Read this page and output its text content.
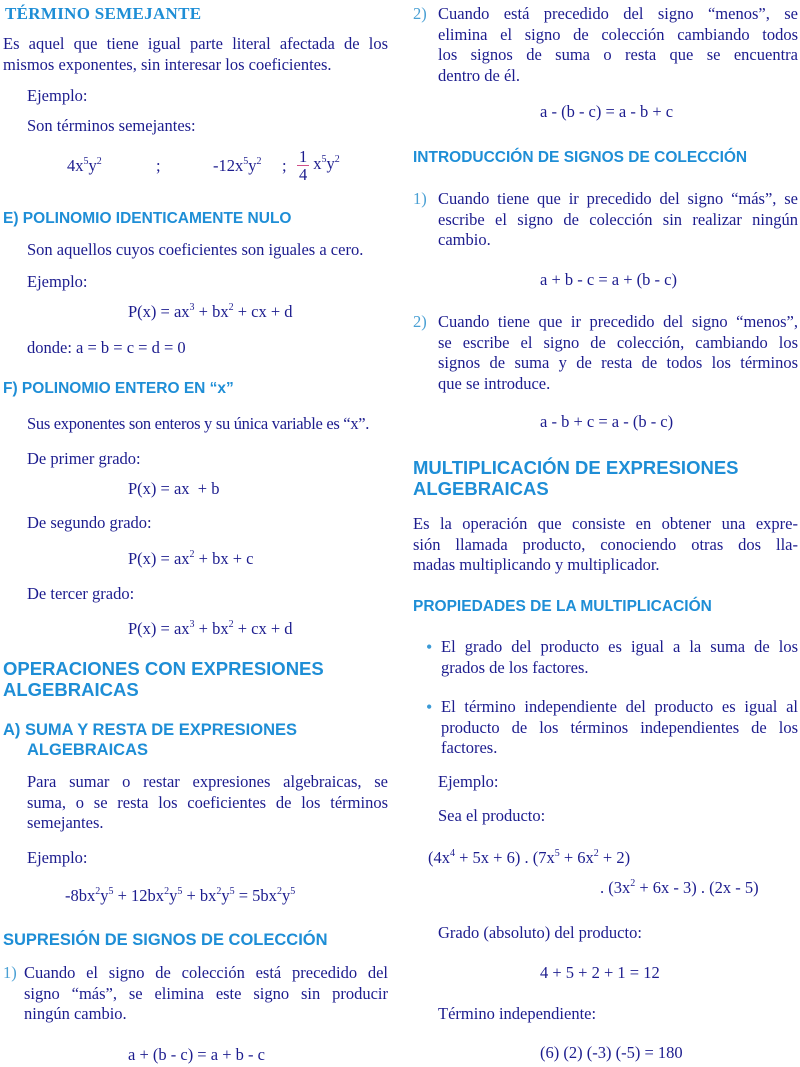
TÉRMINO SEMEJANTE
Es aquel que tiene igual parte literal afectada de los
mismos exponentes, sin interesar los coeficientes.
Ejemplo:
Son términos semejantes:
$4x^5y^2$	;	$-12x^5y^2$ ; $\frac{1}{4} x^5y^2$
E) POLINOMIO IDENTICAMENTE NULO
Son aquellos cuyos coeficientes son iguales a cero.
Ejemplo:
$P(x) = ax^3 + bx^2$ + cx + d
donde: a = b = c = d = 0
F) POLINOMIO ENTERO EN “x”
Sus exponentes son enteros y su única variable es “x”.
De primer grado:
P(x) = ax  + b
De segundo grado:
$P(x) = ax^2$ + bx + c
De tercer grado:
$P(x) = ax^3 + bx^2$ + cx + d
OPERACIONES CON EXPRESIONES
ALGEBRAICAS
A) SUMA Y RESTA DE EXPRESIONES
ALGEBRAICAS
Para sumar o restar expresiones algebraicas, se
suma, o se resta los coeficientes de los términos
semejantes.
Ejemplo:
$-8bx^2y^5 + 12bx^2y^5 + bx^2y^5 = 5bx^2y^5$
SUPRESIÓN DE SIGNOS DE COLECCIÓN
1) Cuando el signo de colección está precedido del
signo “más”, se elimina este signo sin producir
ningún cambio.
a + (b - c) = a + b - c
2) Cuando está precedido del signo “menos”, se
elimina el signo de colección cambiando todos
los signos de suma o resta que se encuentra
dentro de él.
a - (b - c) = a - b + c
INTRODUCCIÓN DE SIGNOS DE COLECCIÓN
1) Cuando tiene que ir precedido del signo “más”, se
escribe el signo de colección sin realizar ningún
cambio.
a + b - c = a + (b - c)
2) Cuando tiene que ir precedido del signo “menos”,
se escribe el signo de colección, cambiando los
signos de suma y de resta de todos los términos
que se introduce.
a - b + c = a - (b - c)
MULTIPLICACIÓN DE EXPRESIONES
ALGEBRAICAS
Es la operación que consiste en obtener una expre-
sión llamada producto, conociendo otras dos lla-
madas multiplicando y multiplicador.
PROPIEDADES DE LA MULTIPLICACIÓN
• El grado del producto es igual a la suma de los
grados de los factores.
• El término independiente del producto es igual al
producto de los términos independientes de los
factores.
Ejemplo:
Sea el producto:
$(4x^4 + 5x + 6)$ . $(7x^5 + 6x^2 + 2)$
. $(3x^2 + 6x - 3)$ . (2x - 5)
Grado (absoluto) del producto:
4 + 5 + 2 + 1 = 12
Término independiente:
(6) (2) (-3) (-5) = 180
